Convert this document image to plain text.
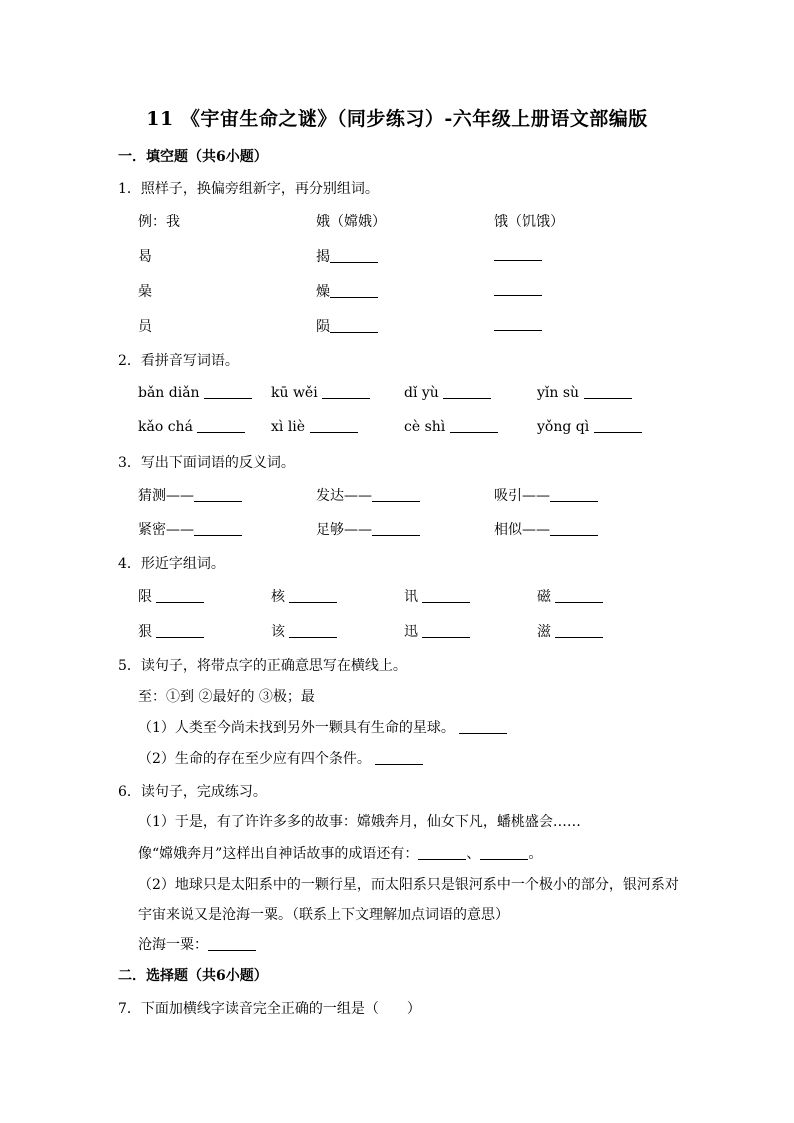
11 《宇宙生命之谜》（同步练习）-六年级上册语文部编版
一．填空题（共6小题）
1．照样子，换偏旁组新字，再分别组词。
例：我	娥（嫦娥）	饿（饥饿）
曷	揭
喿	燥
员	陨
2．看拼音写词语。
bǎn diǎn	kū wěi	dǐ yù	yǐn sù
kǎo chá	xì liè	cè shì	yǒng qì
3．写出下面词语的反义词。
猜测——	发达——	吸引——
紧密——	足够——	相似——
4．形近字组词。
限	核	讯	磁
狠	该	迅	滋
5．读句子，将带点字的正确意思写在横线上。
至：①到 ②最好的 ③极；最
（1）人类至今尚未找到另外一颗具有生命的星球。
（2）生命的存在至少应有四个条件。
6．读句子，完成练习。
（1）于是，有了许许多多的故事：嫦娥奔月，仙女下凡，蟠桃盛会……
像“嫦娥奔月”这样出自神话故事的成语还有：	、	。
（2）地球只是太阳系中的一颗行星，而太阳系只是银河系中一个极小的部分，银河系对
宇宙来说又是沧海一粟。（联系上下文理解加点词语的意思）
沧海一粟：
二．选择题（共6小题）
7．下面加横线字读音完全正确的一组是（　　）
